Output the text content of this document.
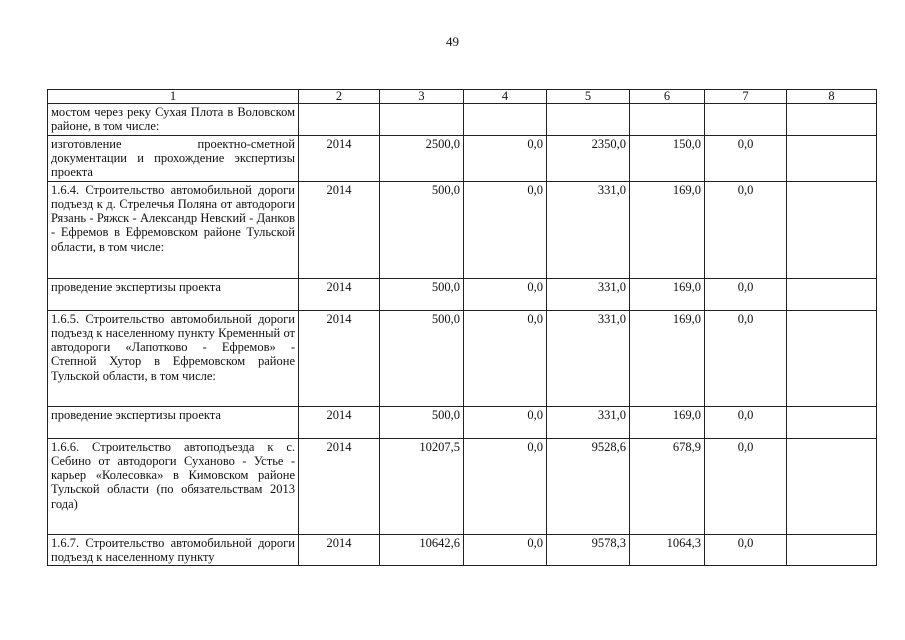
49
1	2	3	4	5	6	7	8
мостом через реку Сухая Плота в Воловском районе, в том числе:							
изготовление проектно-сметной документации и прохождение экспертизы проекта	2014	2500,0	0,0	2350,0	150,0	0,0	
1.6.4. Строительство автомобильной дороги подъезд к д. Стрелечья Поляна от автодороги Рязань - Ряжск - Александр Невский - Данков - Ефремов в Ефремовском районе Тульской области, в том числе:	2014	500,0	0,0	331,0	169,0	0,0	
проведение экспертизы проекта	2014	500,0	0,0	331,0	169,0	0,0	
1.6.5. Строительство автомобильной дороги подъезд к населенному пункту Кременный от автодороги «Лапотково - Ефремов» - Степной Хутор в Ефремовском районе Тульской области, в том числе:	2014	500,0	0,0	331,0	169,0	0,0	
проведение экспертизы проекта	2014	500,0	0,0	331,0	169,0	0,0	
1.6.6. Строительство автоподъезда к с. Себино от автодороги Суханово - Устье - карьер «Колесовка» в Кимовском районе Тульской области (по обязательствам 2013 года)	2014	10207,5	0,0	9528,6	678,9	0,0	
1.6.7. Строительство автомобильной дороги подъезд к населенному пункту	2014	10642,6	0,0	9578,3	1064,3	0,0	
